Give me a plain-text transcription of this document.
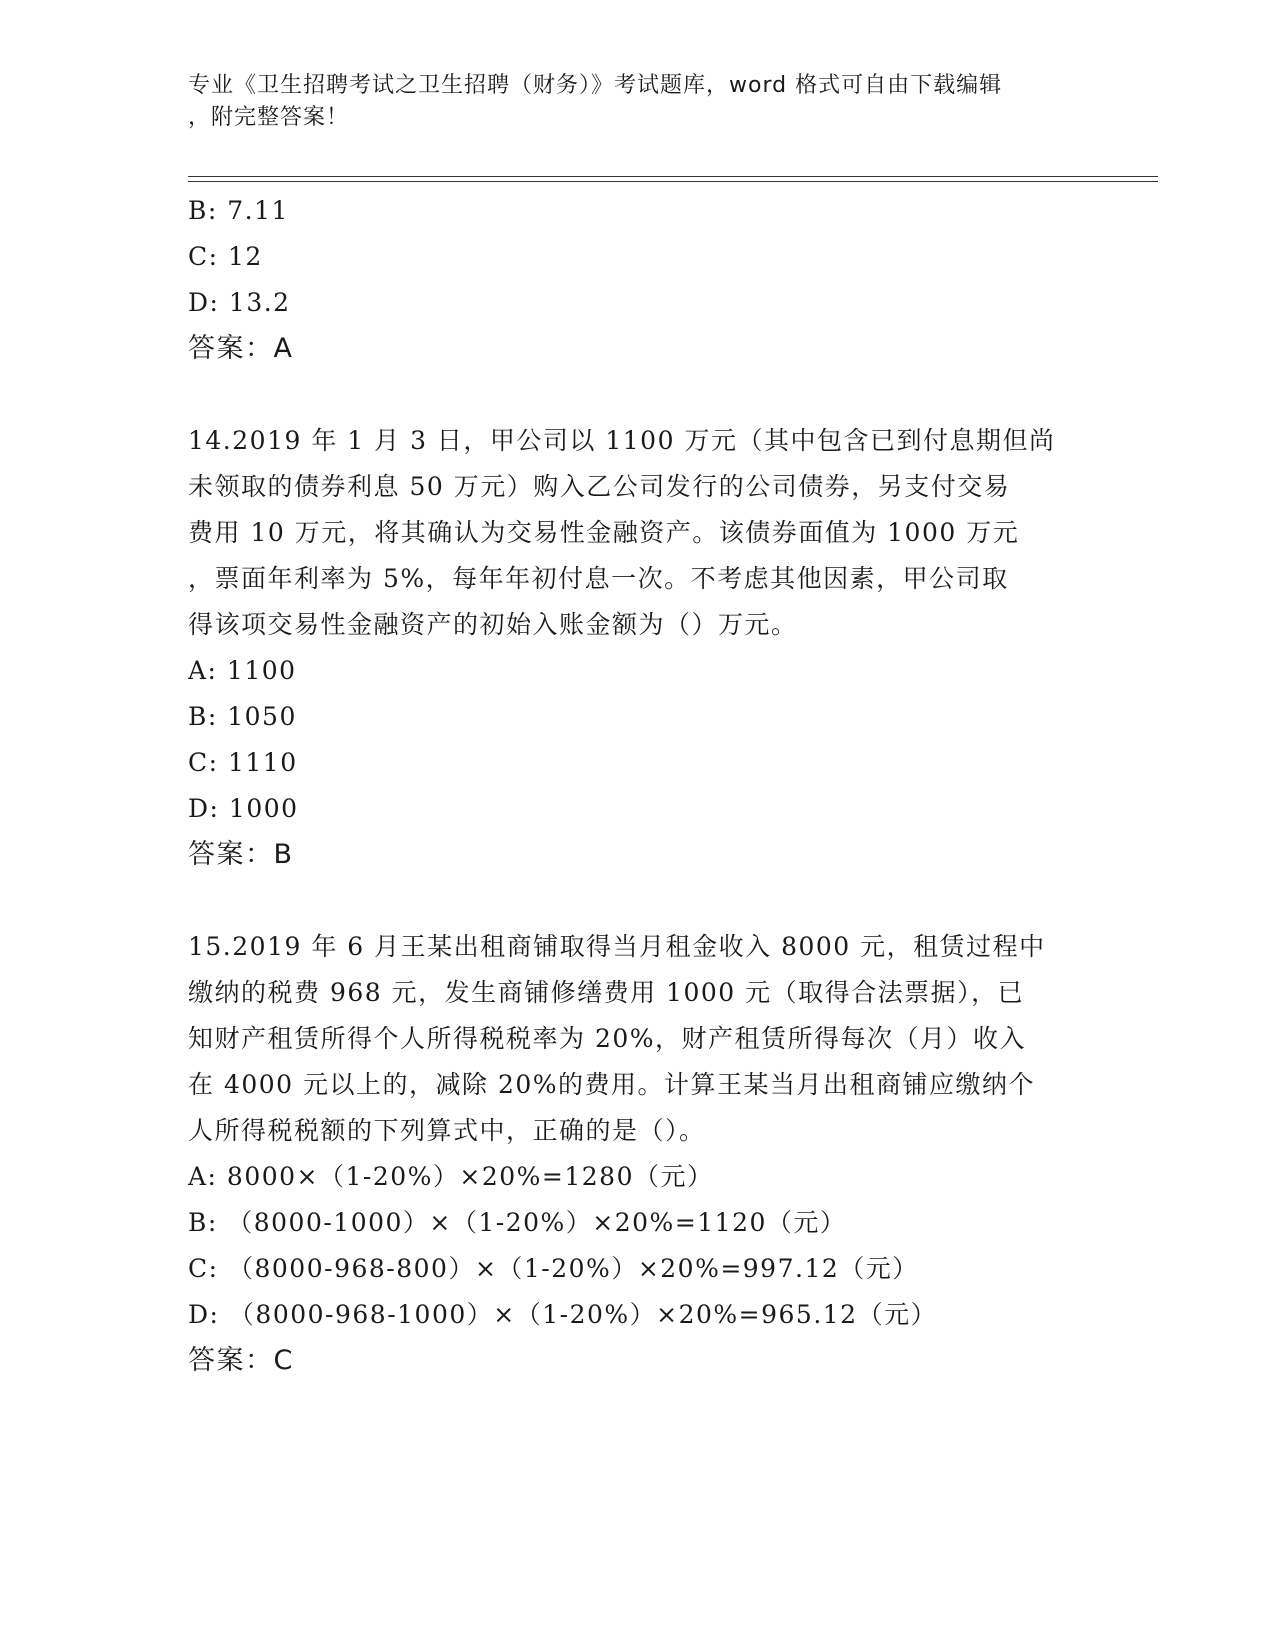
专业《卫生招聘考试之卫生招聘（财务）》考试题库，word 格式可自由下载编辑
，附完整答案！
B: 7.11
C: 12
D: 13.2
答案：A
14.2019 年 1 月 3 日，甲公司以 1100 万元（其中包含已到付息期但尚
未领取的债券利息 50 万元）购入乙公司发行的公司债券，另支付交易
费用 10 万元，将其确认为交易性金融资产。该债券面值为 1000 万元
，票面年利率为 5%，每年年初付息一次。不考虑其他因素，甲公司取
得该项交易性金融资产的初始入账金额为（）万元。
A: 1100
B: 1050
C: 1110
D: 1000
答案：B
15.2019 年 6 月王某出租商铺取得当月租金收入 8000 元，租赁过程中
缴纳的税费 968 元，发生商铺修缮费用 1000 元（取得合法票据），已
知财产租赁所得个人所得税税率为 20%，财产租赁所得每次（月）收入
在 4000 元以上的，减除 20%的费用。计算王某当月出租商铺应缴纳个
人所得税税额的下列算式中，正确的是（）。
A: 8000×（1-20%）×20%=1280（元）
B: （8000-1000）×（1-20%）×20%=1120（元）
C: （8000-968-800）×（1-20%）×20%=997.12（元）
D: （8000-968-1000）×（1-20%）×20%=965.12（元）
答案：C
